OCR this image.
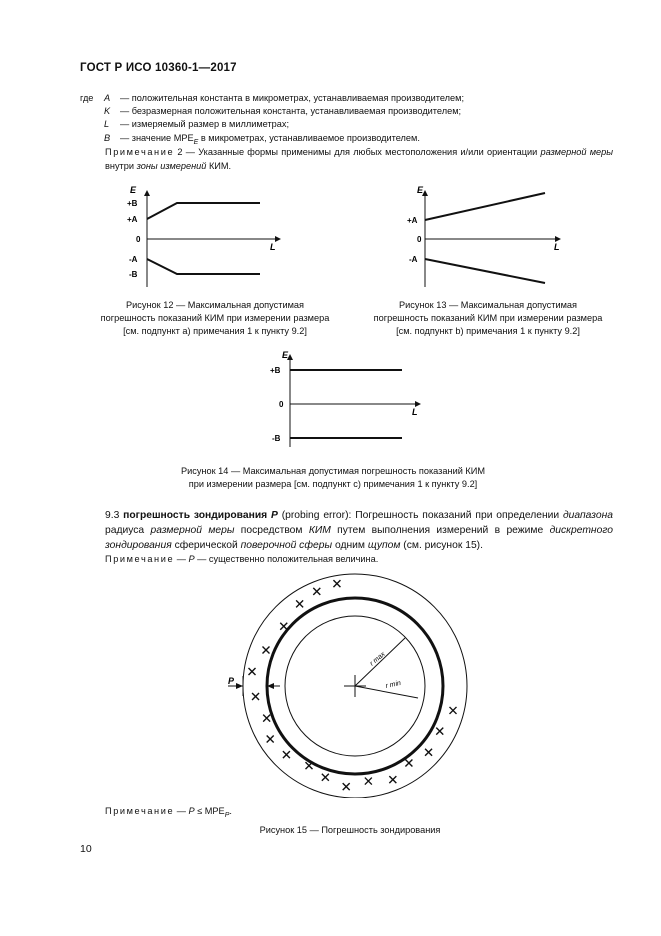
ГОСТ Р ИСО 10360-1—2017
где	A	— положительная константа в микрометрах, устанавливаемая производителем;
K	— безразмерная положительная константа, устанавливаемая производителем;
L	— измеряемый размер в миллиметрах;
B	— значение $MPE_E$ в микрометрах, устанавливаемое производителем.
Примечание 2 — Указанные формы применимы для любых местоположения и/или ориентации размерной меры внутри зоны измерений КИМ.
E
+B
+A
0
-A
-B
L
Рисунок 12 — Максимальная допустимая
погрешность показаний КИМ при измерении размера
[см. подпункт а) примечания 1 к пункту 9.2]
E
+A
0
-A
L
Рисунок 13 — Максимальная допустимая
погрешность показаний КИМ при измерении размера
[см. подпункт b) примечания 1 к пункту 9.2]
E
+B
0
-B
L
Рисунок 14 — Максимальная допустимая погрешность показаний КИМ
при измерении размера [см. подпункт с) примечания 1 к пункту 9.2]
9.3 погрешность зондирования P (probing error): Погрешность показаний при определении диапазона радиуса размерной меры посредством КИМ путем выполнения измерений в режиме дискретного зондирования сферической поверочной сферы одним щупом (см. рисунок 15).
Примечание — P — существенно положительная величина.
P
r max
r min
Примечание — $P \le MPE_P$.
Рисунок 15 — Погрешность зондирования
10
